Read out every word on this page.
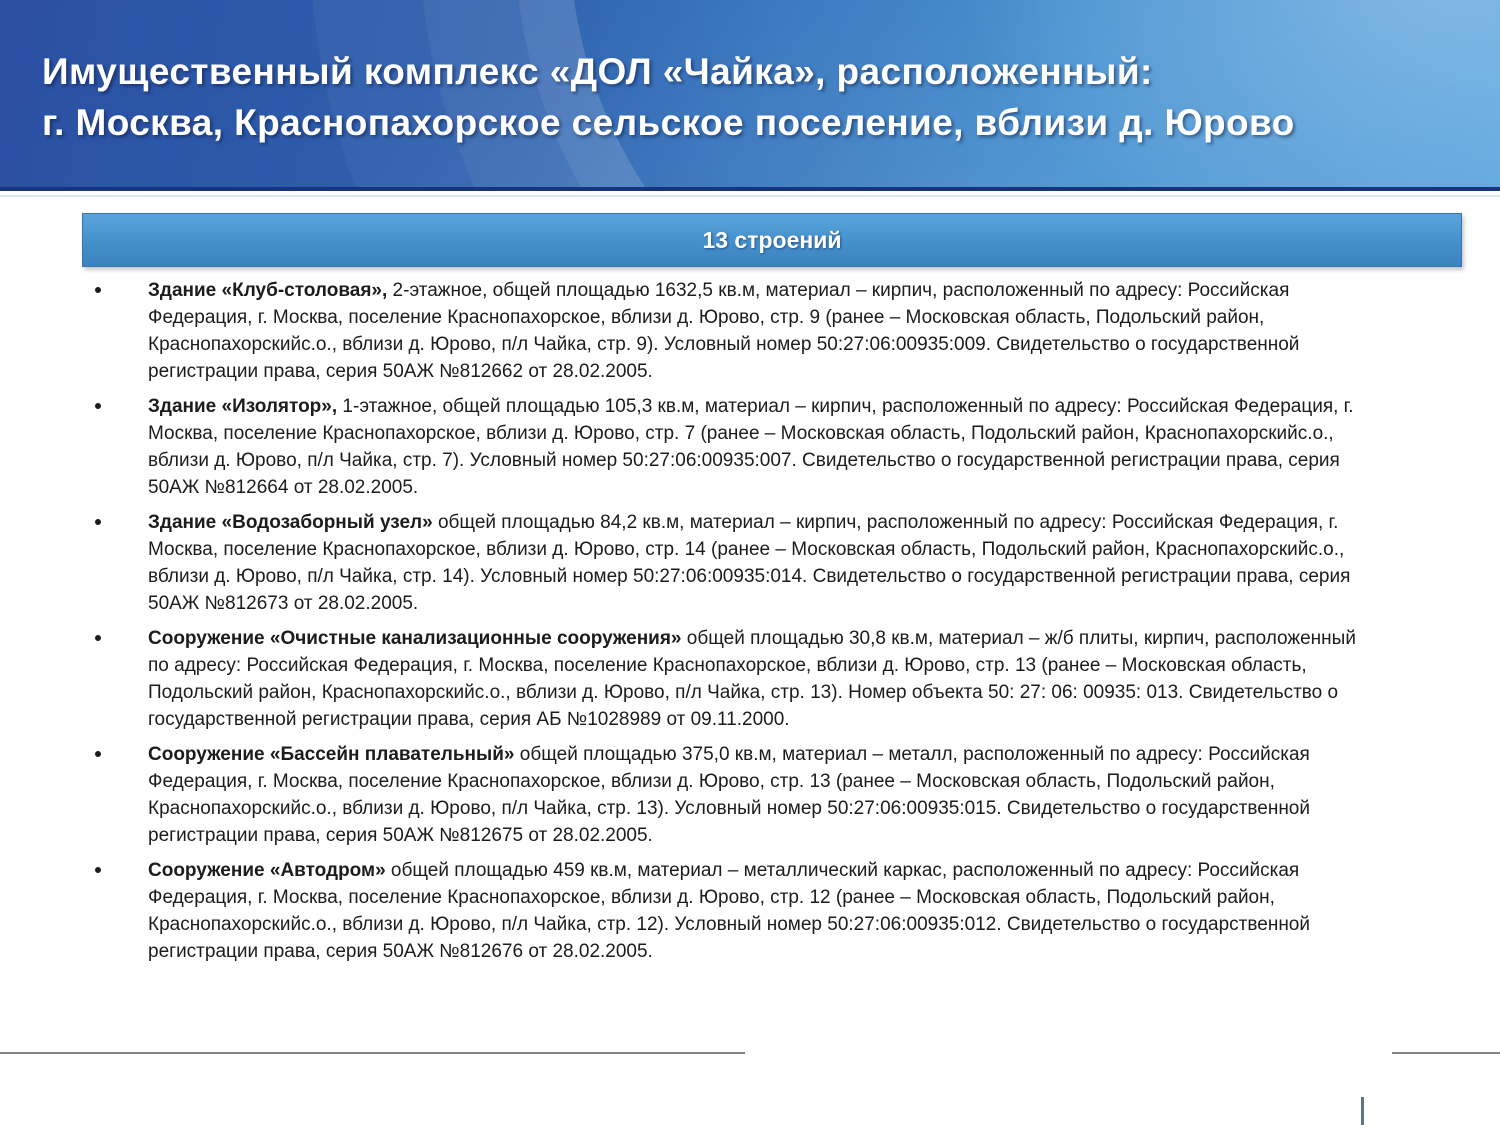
Имущественный комплекс «ДОЛ «Чайка», расположенный:
г. Москва, Краснопахорское сельское поселение, вблизи д. Юрово
13 строений
Здание «Клуб-столовая», 2-этажное, общей площадью 1632,5 кв.м, материал – кирпич, расположенный по адресу: Российская Федерация, г. Москва, поселение Краснопахорское, вблизи д. Юрово, стр. 9 (ранее – Московская область, Подольский район, Краснопахорскийс.о., вблизи д. Юрово, п/л Чайка, стр. 9). Условный номер 50:27:06:00935:009. Свидетельство о государственной регистрации права, серия 50АЖ №812662 от 28.02.2005.
Здание «Изолятор», 1-этажное, общей площадью 105,3 кв.м, материал – кирпич, расположенный по адресу: Российская Федерация, г. Москва, поселение Краснопахорское, вблизи д. Юрово, стр. 7 (ранее – Московская область, Подольский район, Краснопахорскийс.о., вблизи д. Юрово, п/л Чайка, стр. 7). Условный номер 50:27:06:00935:007. Свидетельство о государственной регистрации права, серия 50АЖ №812664 от 28.02.2005.
Здание «Водозаборный узел» общей площадью 84,2 кв.м, материал – кирпич, расположенный по адресу: Российская Федерация, г. Москва, поселение Краснопахорское, вблизи д. Юрово, стр. 14 (ранее – Московская область, Подольский район, Краснопахорскийс.о., вблизи д. Юрово, п/л Чайка, стр. 14). Условный номер 50:27:06:00935:014. Свидетельство о государственной регистрации права, серия 50АЖ №812673 от 28.02.2005.
Сооружение «Очистные канализационные сооружения» общей площадью 30,8 кв.м, материал – ж/б плиты, кирпич, расположенный по адресу: Российская Федерация, г. Москва, поселение Краснопахорское, вблизи д. Юрово, стр. 13 (ранее – Московская область, Подольский район, Краснопахорскийс.о., вблизи д. Юрово, п/л Чайка, стр. 13). Номер объекта 50: 27: 06: 00935: 013. Свидетельство о государственной регистрации права, серия АБ №1028989 от 09.11.2000.
Сооружение «Бассейн плавательный» общей площадью 375,0 кв.м, материал – металл, расположенный по адресу: Российская Федерация, г. Москва, поселение Краснопахорское, вблизи д. Юрово, стр. 13 (ранее – Московская область, Подольский район, Краснопахорскийс.о., вблизи д. Юрово, п/л Чайка, стр. 13). Условный номер 50:27:06:00935:015. Свидетельство о государственной регистрации права, серия 50АЖ №812675 от 28.02.2005.
Сооружение «Автодром» общей площадью 459 кв.м, материал – металлический каркас, расположенный по адресу: Российская Федерация, г. Москва, поселение Краснопахорское, вблизи д. Юрово, стр. 12 (ранее – Московская область, Подольский район, Краснопахорскийс.о., вблизи д. Юрово, п/л Чайка, стр. 12). Условный номер 50:27:06:00935:012. Свидетельство о государственной регистрации права, серия 50АЖ №812676 от 28.02.2005.
